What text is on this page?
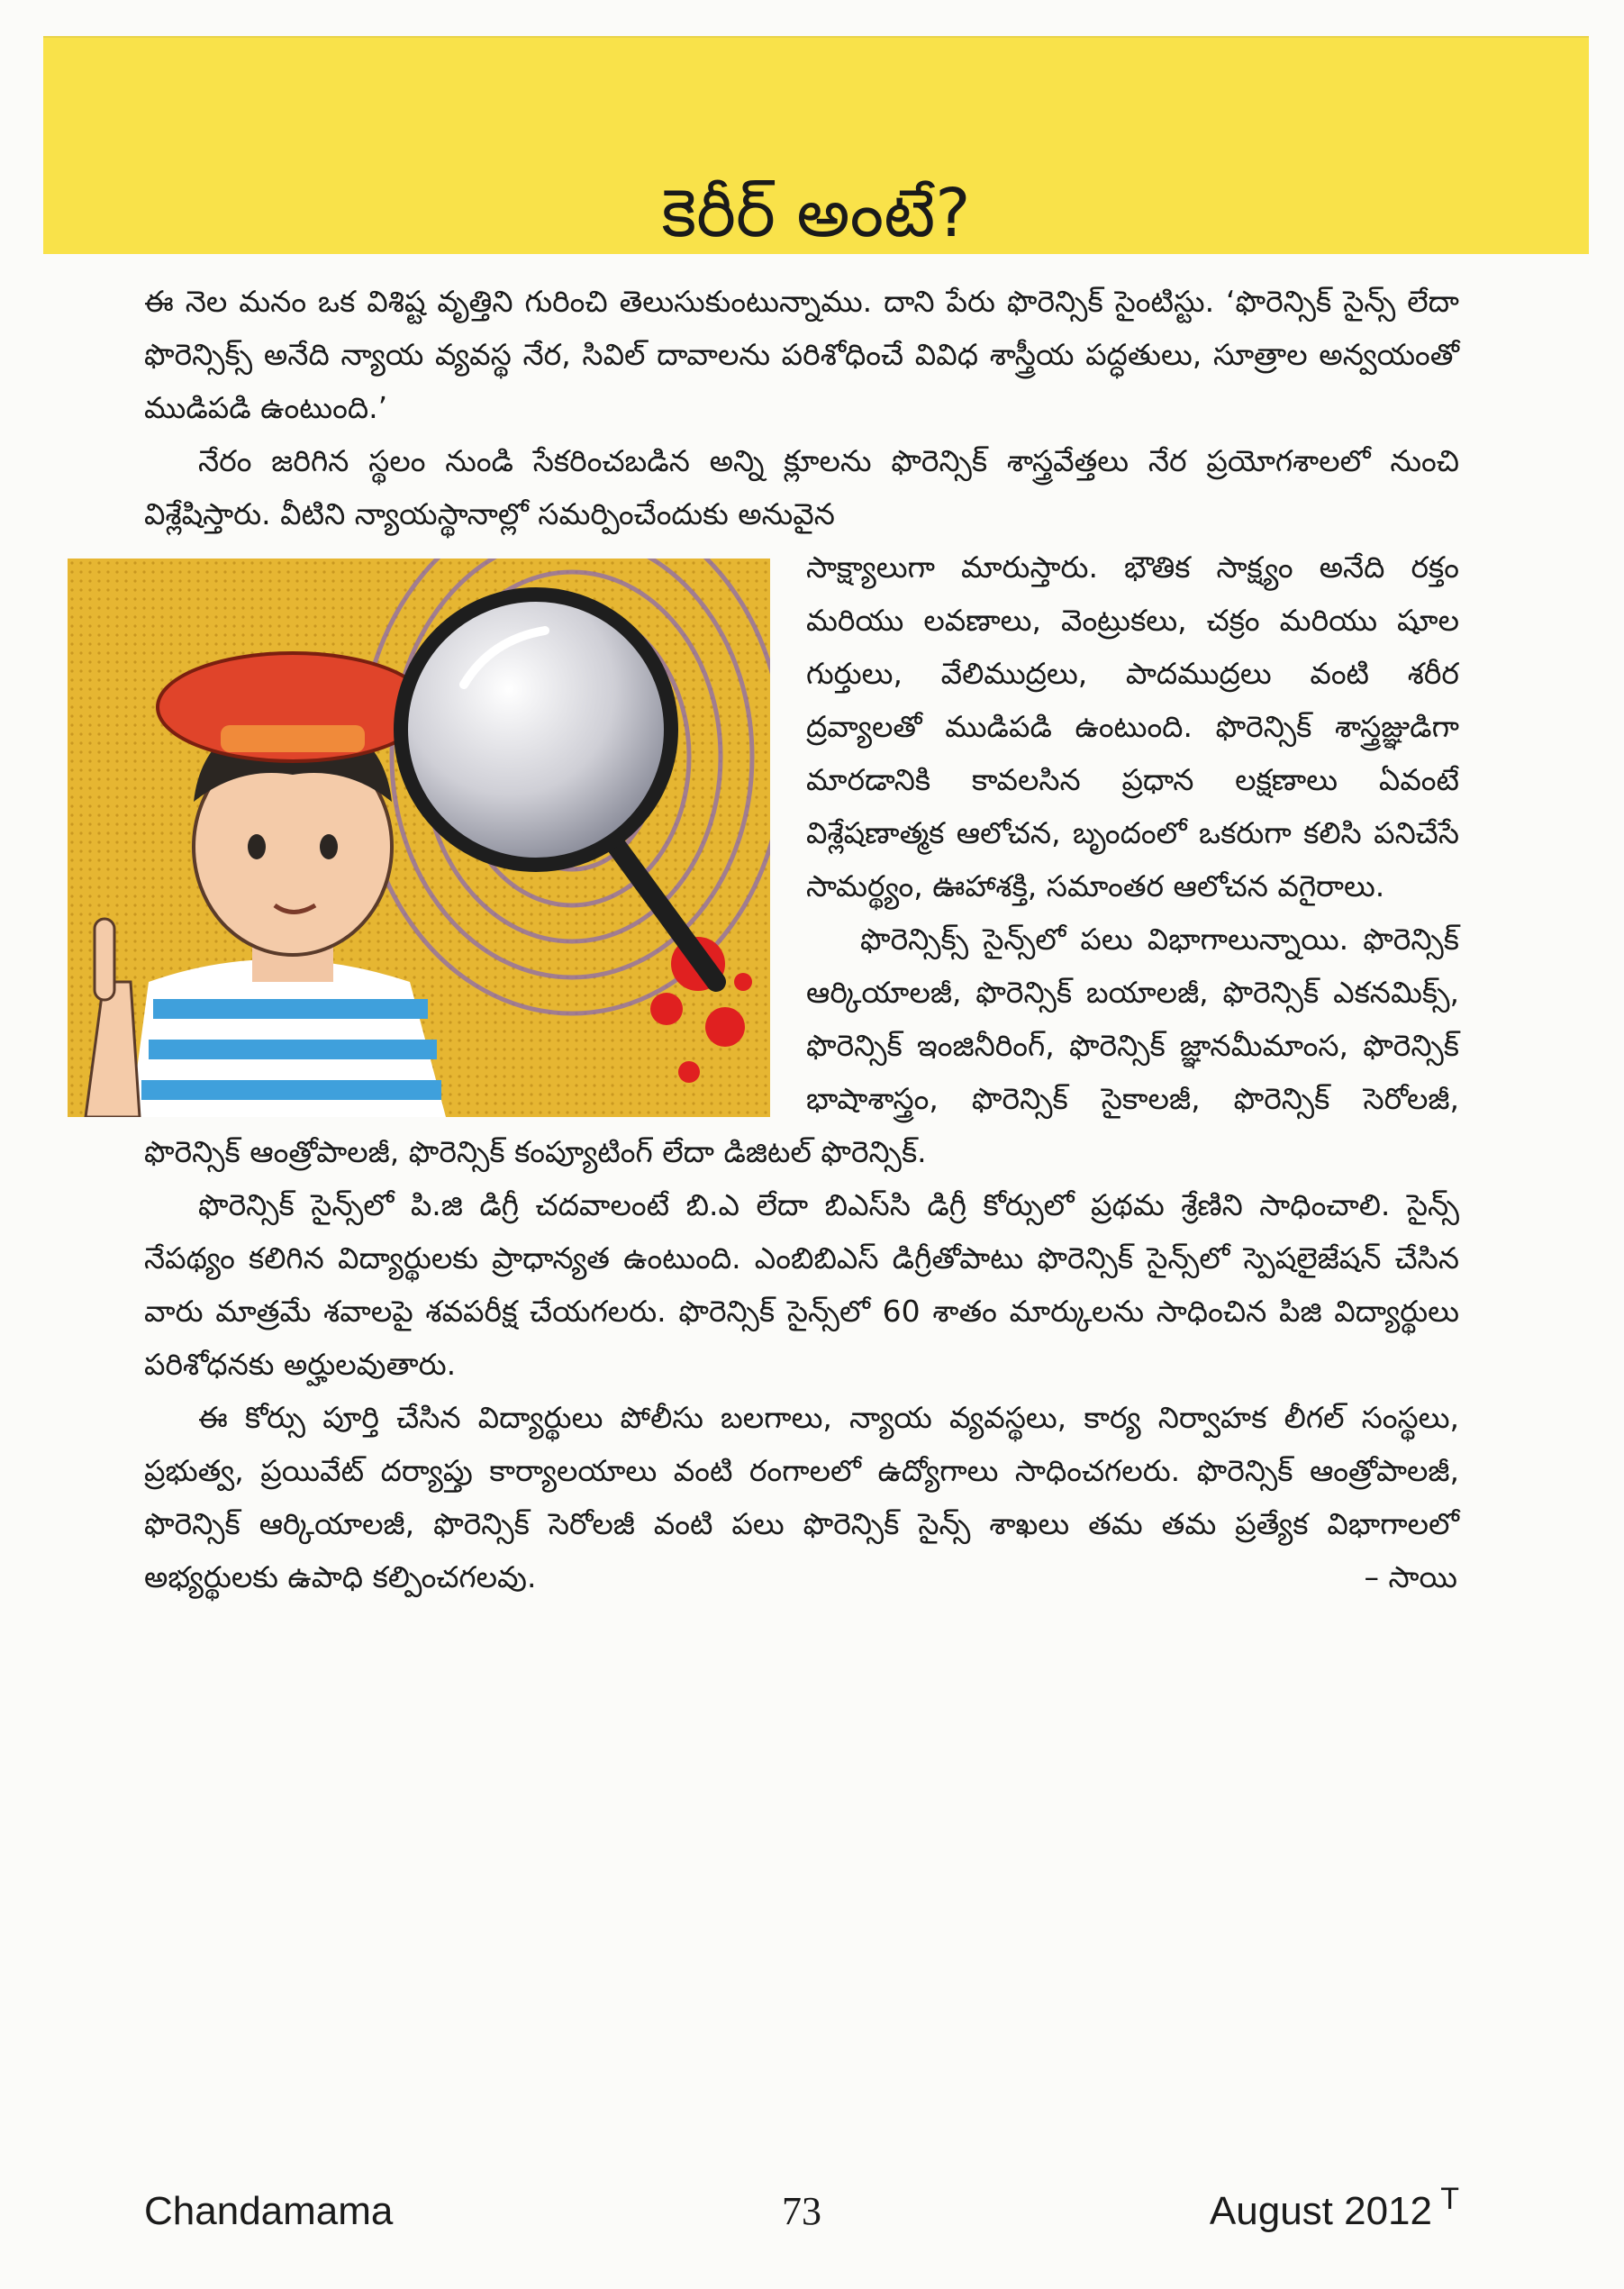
కెరీర్ అంటే?

ఈ నెల మనం ఒక విశిష్ట వృత్తిని గురించి తెలుసుకుంటున్నాము. దాని పేరు ఫొరెన్సిక్ సైంటిస్టు. ‘ఫొరెన్సిక్ సైన్స్ లేదా ఫొరెన్సిక్స్ అనేది న్యాయ వ్యవస్థ నేర, సివిల్ దావాలను పరిశోధించే వివిధ శాస్త్రీయ పద్ధతులు, సూత్రాల అన్వయంతో ముడిపడి ఉంటుంది.’

నేరం జరిగిన స్థలం నుండి సేకరించబడిన అన్ని క్లూలను ఫొరెన్సిక్ శాస్త్రవేత్తలు నేర ప్రయోగశాలలో నుంచి విశ్లేషిస్తారు. వీటిని న్యాయస్థానాల్లో సమర్పించేందుకు అనువైన

సాక్ష్యాలుగా మారుస్తారు. భౌతిక సాక్ష్యం అనేది రక్తం మరియు లవణాలు, వెంట్రుకలు, చక్రం మరియు షూల గుర్తులు, వేలిముద్రలు, పాదముద్రలు వంటి శరీర ద్రవ్యాలతో ముడిపడి ఉంటుంది. ఫొరెన్సిక్ శాస్త్రజ్ఞుడిగా మారడానికి కావలసిన ప్రధాన లక్షణాలు ఏవంటే విశ్లేషణాత్మక ఆలోచన, బృందంలో ఒకరుగా కలిసి పనిచేసే సామర్థ్యం, ఊహాశక్తి, సమాంతర ఆలోచన వగైరాలు.

ఫొరెన్సిక్స్ సైన్స్‌లో పలు విభాగాలున్నాయి. ఫొరెన్సిక్ ఆర్కియాలజీ, ఫొరెన్సిక్ బయాలజీ, ఫొరెన్సిక్ ఎకనమిక్స్, ఫొరెన్సిక్ ఇంజినీరింగ్, ఫొరెన్సిక్ జ్ఞానమీమాంస, ఫొరెన్సిక్ భాషాశాస్త్రం, ఫొరెన్సిక్ సైకాలజీ, ఫొరెన్సిక్ సెరోలజీ, ఫొరెన్సిక్ ఆంత్రోపాలజీ, ఫొరెన్సిక్ కంప్యూటింగ్ లేదా డిజిటల్ ఫొరెన్సిక్.

ఫొరెన్సిక్ సైన్స్‌లో పి.జి డిగ్రీ చదవాలంటే బి.ఎ లేదా బిఎస్‌సి డిగ్రీ కోర్సులో ప్రథమ శ్రేణిని సాధించాలి. సైన్స్ నేపథ్యం కలిగిన విద్యార్థులకు ప్రాధాన్యత ఉంటుంది. ఎంబిబిఎస్ డిగ్రీతోపాటు ఫొరెన్సిక్ సైన్స్‌లో స్పెషలైజేషన్ చేసిన వారు మాత్రమే శవాలపై శవపరీక్ష చేయగలరు. ఫొరెన్సిక్ సైన్స్‌లో 60 శాతం మార్కులను సాధించిన పిజి విద్యార్థులు పరిశోధనకు అర్హులవుతారు.

ఈ కోర్సు పూర్తి చేసిన విద్యార్థులు పోలీసు బలగాలు, న్యాయ వ్యవస్థలు, కార్య నిర్వాహక లీగల్ సంస్థలు, ప్రభుత్వ, ప్రయివేట్ దర్యాప్తు కార్యాలయాలు వంటి రంగాలలో ఉద్యోగాలు సాధించగలరు. ఫొరెన్సిక్ ఆంత్రోపాలజీ, ఫొరెన్సిక్ ఆర్కియాలజీ, ఫొరెన్సిక్ సెరోలజీ వంటి పలు ఫొరెన్సిక్ సైన్స్ శాఖలు తమ తమ ప్రత్యేక విభాగాలలో అభ్యర్థులకు ఉపాధి కల్పించగలవు.	– సాయి
Chandamama	73	August 2012 T
